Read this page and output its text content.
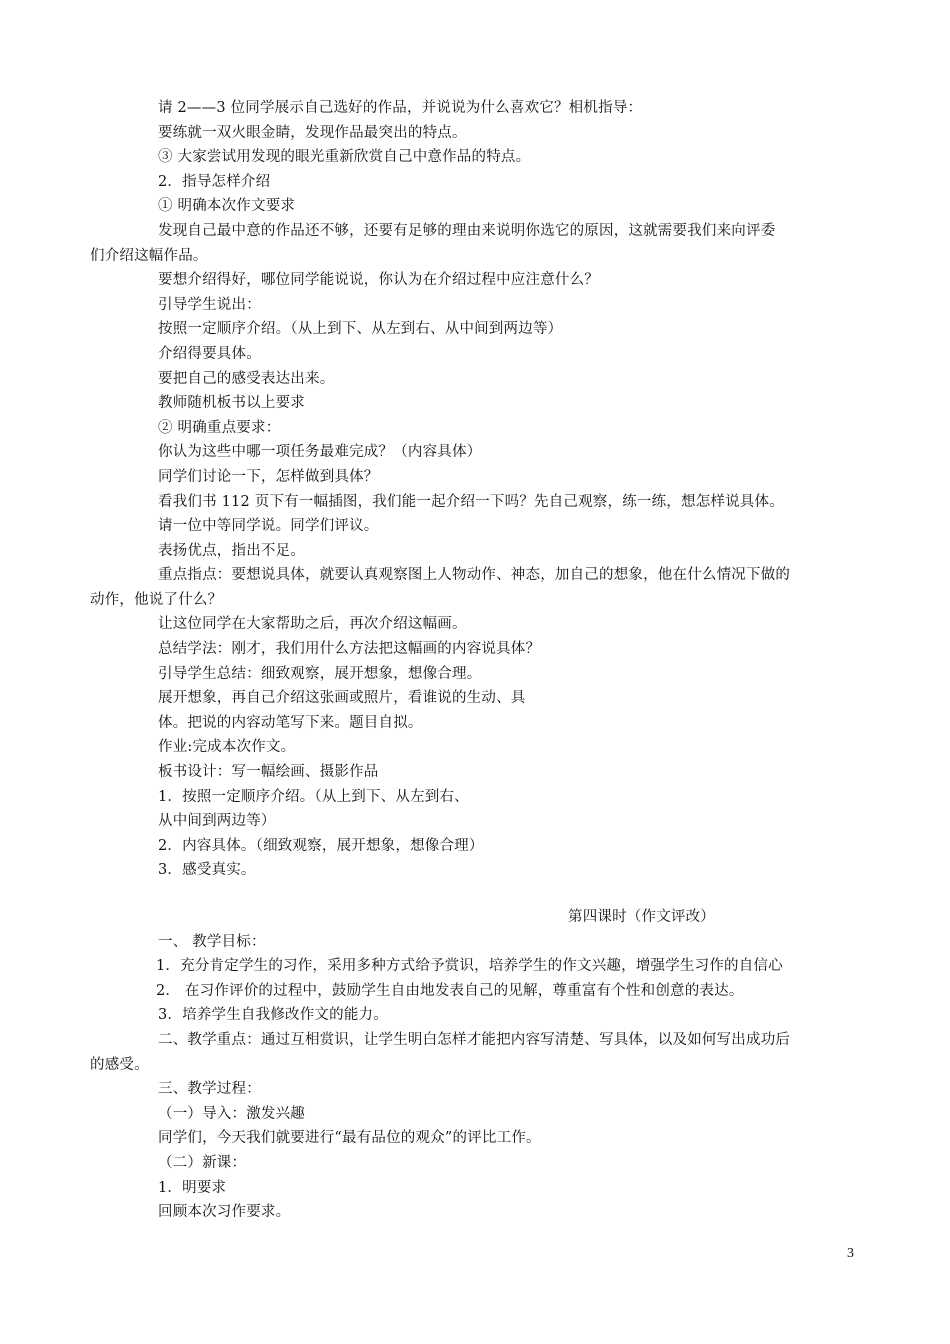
请 2——3 位同学展示自己选好的作品，并说说为什么喜欢它？相机指导：
要练就一双火眼金睛，发现作品最突出的特点。
③ 大家尝试用发现的眼光重新欣赏自己中意作品的特点。
2．指导怎样介绍
① 明确本次作文要求
发现自己最中意的作品还不够，还要有足够的理由来说明你选它的原因，这就需要我们来向评委
们介绍这幅作品。
要想介绍得好，哪位同学能说说，你认为在介绍过程中应注意什么？
引导学生说出：
按照一定顺序介绍。（从上到下、从左到右、从中间到两边等）
介绍得要具体。
要把自己的感受表达出来。
教师随机板书以上要求
② 明确重点要求：
你认为这些中哪一项任务最难完成？（内容具体）
同学们讨论一下，怎样做到具体？
看我们书 112 页下有一幅插图，我们能一起介绍一下吗？先自己观察，练一练，想怎样说具体。
请一位中等同学说。同学们评议。
表扬优点，指出不足。
重点指点：要想说具体，就要认真观察图上人物动作、神态，加自己的想象，他在什么情况下做的
动作，他说了什么？
让这位同学在大家帮助之后，再次介绍这幅画。
总结学法：刚才，我们用什么方法把这幅画的内容说具体？
引导学生总结：细致观察，展开想象，想像合理。
展开想象，再自己介绍这张画或照片，看谁说的生动、具
体。把说的内容动笔写下来。题目自拟。
作业:完成本次作文。
板书设计：写一幅绘画、摄影作品
1．按照一定顺序介绍。（从上到下、从左到右、
从中间到两边等）
2．内容具体。（细致观察，展开想象，想像合理）
3．感受真实。
第四课时（作文评改）
一、 教学目标：
1．充分肯定学生的习作，采用多种方式给予赏识，培养学生的作文兴趣，增强学生习作的自信心
2． 在习作评价的过程中，鼓励学生自由地发表自己的见解，尊重富有个性和创意的表达。
3．培养学生自我修改作文的能力。
二、教学重点：通过互相赏识，让学生明白怎样才能把内容写清楚、写具体，以及如何写出成功后
的感受。
三、教学过程：
（一）导入：激发兴趣
同学们，今天我们就要进行“最有品位的观众”的评比工作。
（二）新课：
1．明要求
回顾本次习作要求。
3
